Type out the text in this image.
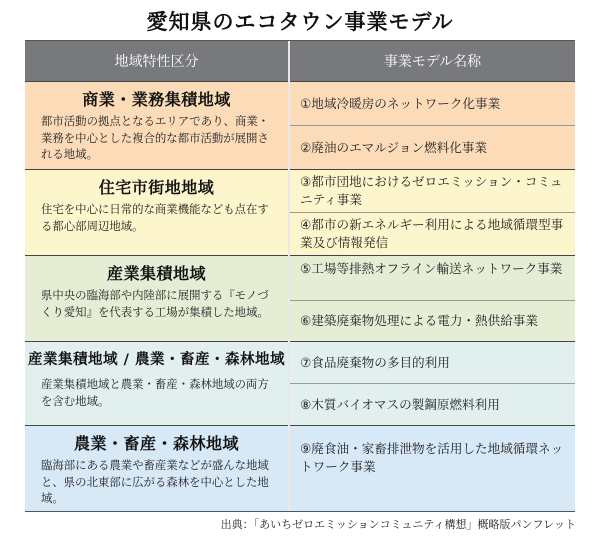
愛知県のエコタウン事業モデル
地域特性区分	事業モデル名称
商業・業務集積地域
都市活動の拠点となるエリアであり、商業・業務を中心とした複合的な都市活動が展開される地域。
①地域冷暖房のネットワーク化事業
②廃油のエマルジョン燃料化事業
住宅市街地地域
住宅を中心に日常的な商業機能なども点在する都心部周辺地域。
③都市団地におけるゼロエミッション・コミュニティ事業
④都市の新エネルギー利用による地域循環型事業及び情報発信
産業集積地域
県中央の臨海部や内陸部に展開する『モノづくり愛知』を代表する工場が集積した地域。
⑤工場等排熱オフライン輸送ネットワーク事業
⑥建築廃棄物処理による電力・熱供給事業
産業集積地域 / 農業・畜産・森林地域
産業集積地域と農業・畜産・森林地域の両方を含む地域。
⑦食品廃棄物の多目的利用
⑧木質バイオマスの製鋼原燃料利用
農業・畜産・森林地域
臨海部にある農業や畜産業などが盛んな地域と、県の北東部に広がる森林を中心とした地域。
⑨廃食油・家畜排泄物を活用した地域循環ネットワーク事業
出典：「あいちゼロエミッションコミュニティ構想」概略版パンフレット
